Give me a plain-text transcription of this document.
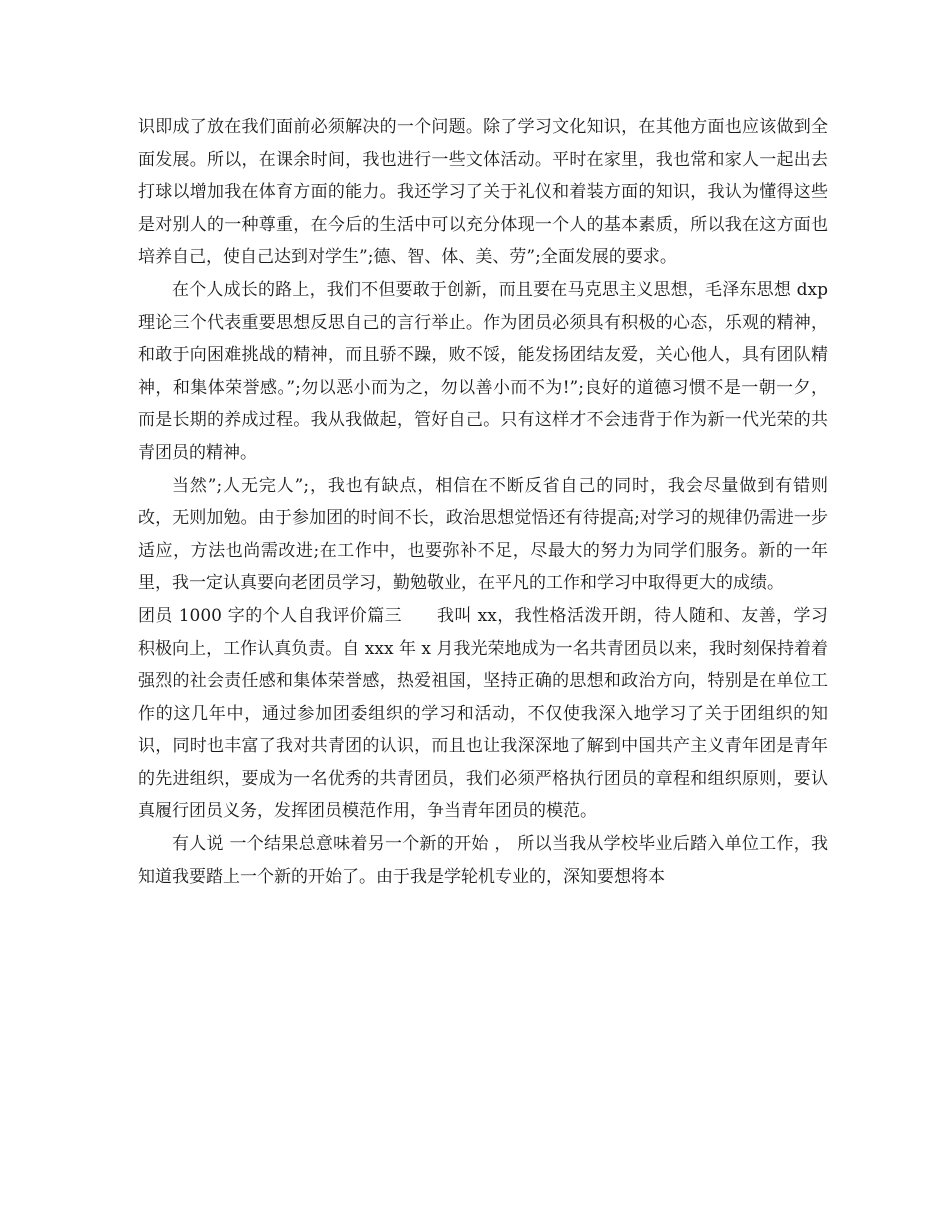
识即成了放在我们面前必须解决的一个问题。除了学习文化知识，在其他方面也应该做到全面发展。所以，在课余时间，我也进行一些文体活动。平时在家里，我也常和家人一起出去打球以增加我在体育方面的能力。我还学习了关于礼仪和着装方面的知识，我认为懂得这些是对别人的一种尊重，在今后的生活中可以充分体现一个人的基本素质，所以我在这方面也培养自己，使自己达到对学生”;德、智、体、美、劳”;全面发展的要求。

在个人成长的路上，我们不但要敢于创新，而且要在马克思主义思想，毛泽东思想 dxp 理论三个代表重要思想反思自己的言行举止。作为团员必须具有积极的心态，乐观的精神，和敢于向困难挑战的精神，而且骄不躁，败不馁，能发扬团结友爱，关心他人，具有团队精神，和集体荣誉感。”;勿以恶小而为之，勿以善小而不为!”;良好的道德习惯不是一朝一夕，而是长期的养成过程。我从我做起，管好自己。只有这样才不会违背于作为新一代光荣的共青团员的精神。

当然”;人无完人”;，我也有缺点，相信在不断反省自己的同时，我会尽量做到有错则改，无则加勉。由于参加团的时间不长，政治思想觉悟还有待提高;对学习的规律仍需进一步适应，方法也尚需改进;在工作中，也要弥补不足，尽最大的努力为同学们服务。新的一年里，我一定认真要向老团员学习，勤勉敬业，在平凡的工作和学习中取得更大的成绩。

团员 1000 字的个人自我评价篇三　　我叫 xx，我性格活泼开朗，待人随和、友善，学习积极向上，工作认真负责。自 xxx 年 x 月我光荣地成为一名共青团员以来，我时刻保持着着强烈的社会责任感和集体荣誉感，热爱祖国，坚持正确的思想和政治方向，特别是在单位工作的这几年中，通过参加团委组织的学习和活动，不仅使我深入地学习了关于团组织的知识，同时也丰富了我对共青团的认识，而且也让我深深地了解到中国共产主义青年团是青年的先进组织，要成为一名优秀的共青团员，我们必须严格执行团员的章程和组织原则，要认真履行团员义务，发挥团员模范作用，争当青年团员的模范。

有人说 一个结果总意味着另一个新的开始 ， 所以当我从学校毕业后踏入单位工作，我知道我要踏上一个新的开始了。由于我是学轮机专业的，深知要想将本
